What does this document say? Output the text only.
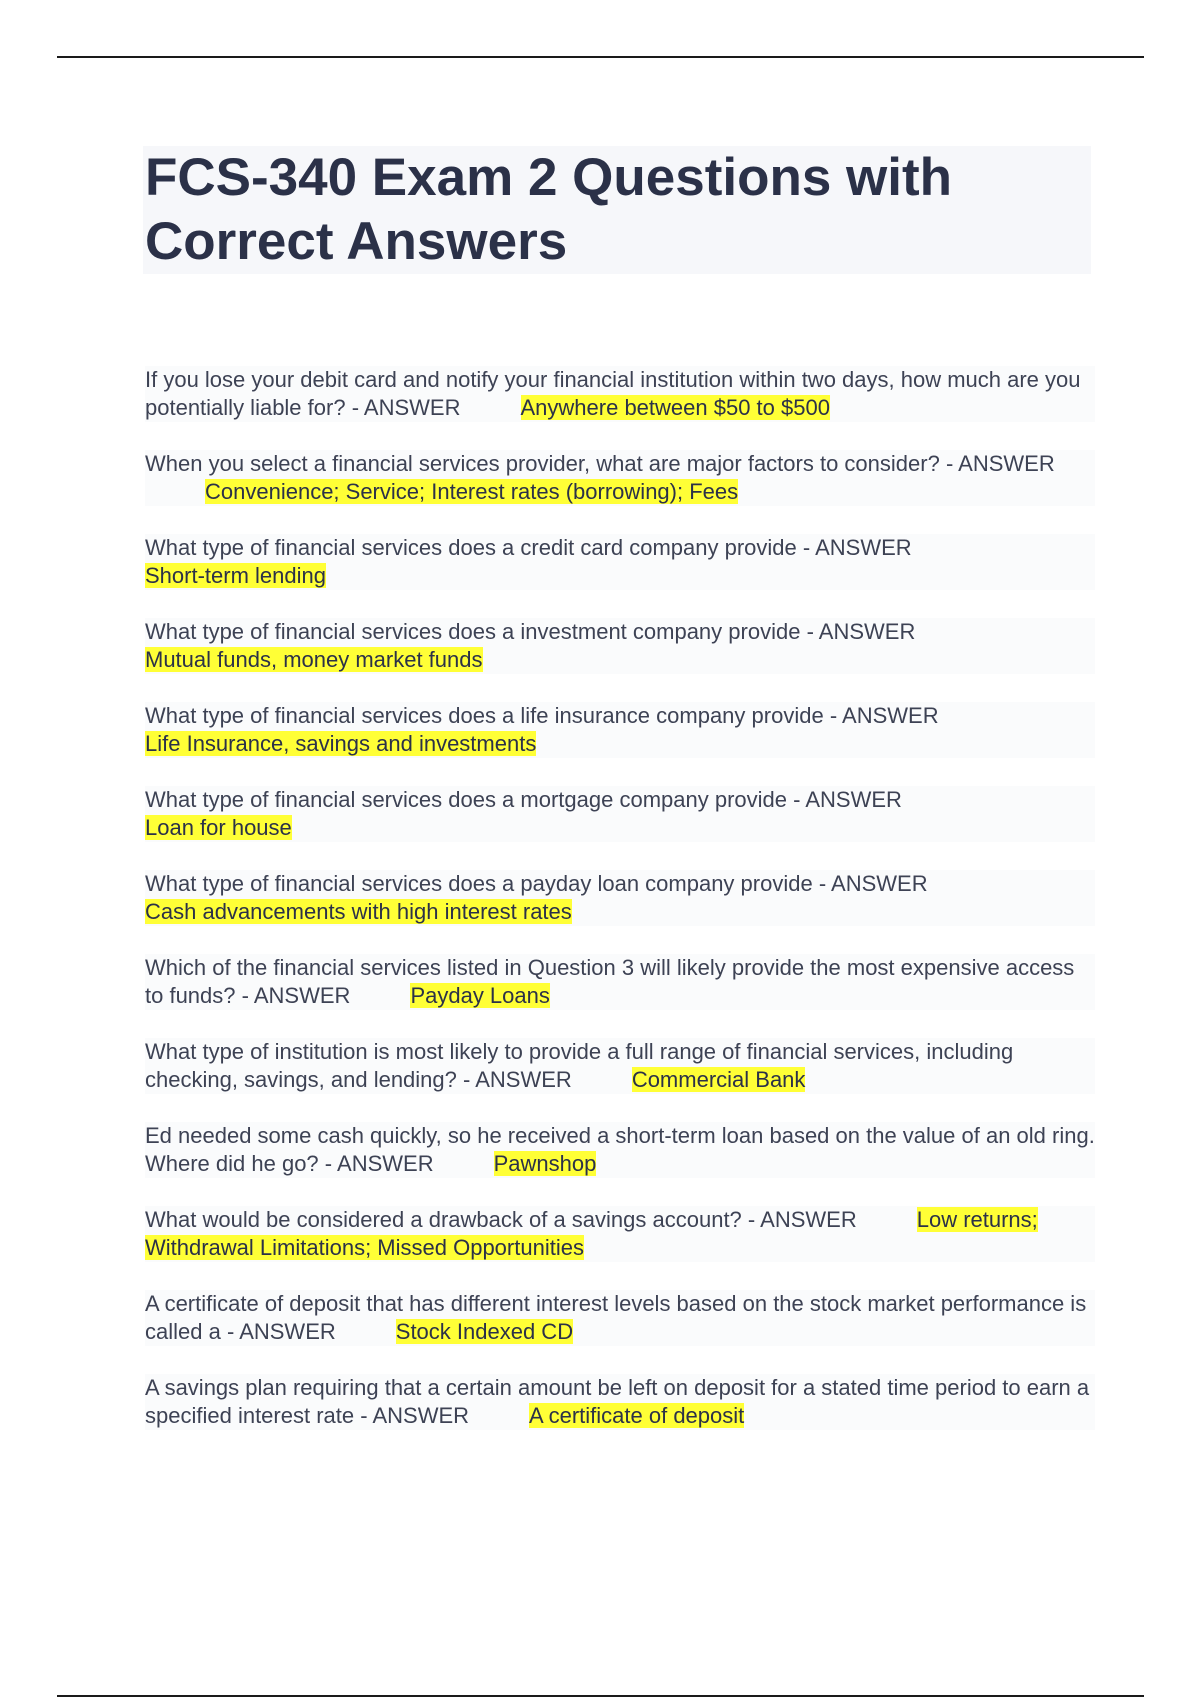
FCS-340 Exam 2 Questions with Correct Answers

If you lose your debit card and notify your financial institution within two days, how much are you potentially liable for? - ANSWER	Anywhere between $50 to $500

When you select a financial services provider, what are major factors to consider? - ANSWERConvenience; Service; Interest rates (borrowing); Fees

What type of financial services does a credit card company provide - ANSWER
Short-term lending

What type of financial services does a investment company provide - ANSWER
Mutual funds, money market funds

What type of financial services does a life insurance company provide - ANSWER
Life Insurance, savings and investments

What type of financial services does a mortgage company provide - ANSWER
Loan for house

What type of financial services does a payday loan company provide - ANSWER
Cash advancements with high interest rates

Which of the financial services listed in Question 3 will likely provide the most expensive access to funds? - ANSWER	Payday Loans

What type of institution is most likely to provide a full range of financial services, including checking, savings, and lending? - ANSWER	Commercial Bank

Ed needed some cash quickly, so he received a short-term loan based on the value of an old ring. Where did he go? - ANSWER	Pawnshop

What would be considered a drawback of a savings account? - ANSWER	Low returns; Withdrawal Limitations; Missed Opportunities

A certificate of deposit that has different interest levels based on the stock market performance is called a - ANSWER	Stock Indexed CD

A savings plan requiring that a certain amount be left on deposit for a stated time period to earn a specified interest rate - ANSWER	A certificate of deposit
